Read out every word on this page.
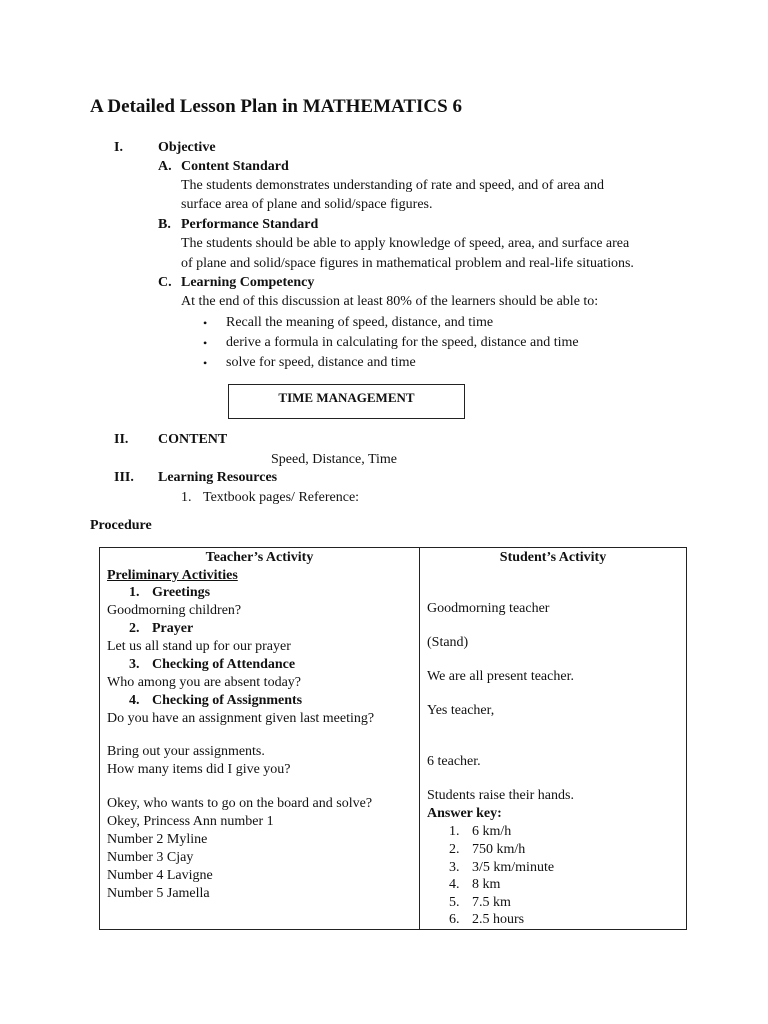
A Detailed Lesson Plan in MATHEMATICS 6
I.	Objective
A. Content Standard
The students demonstrates understanding of rate and speed, and of area and
surface area of plane and solid/space figures.
B. Performance Standard
The students should be able to apply knowledge of speed, area, and surface area
of plane and solid/space figures in mathematical problem and real-life situations.
C. Learning Competency
At the end of this discussion at least 80% of the learners should be able to:
• Recall the meaning of speed, distance, and time
• derive a formula in calculating for the speed, distance and time
• solve for speed, distance and time
TIME MANAGEMENT
II. CONTENT
Speed, Distance, Time
III. Learning Resources
1. Textbook pages/ Reference:
Procedure
Teacher’s Activity	Student’s Activity
Preliminary Activities
1. Greetings
Goodmorning children?
2. Prayer
Let us all stand up for our prayer
3. Checking of Attendance
Who among you are absent today?
4. Checking of Assignments
Do you have an assignment given last meeting?
Bring out your assignments.
How many items did I give you?
Okey, who wants to go on the board and solve?
Okey, Princess Ann number 1
Number 2 Myline
Number 3 Cjay
Number 4 Lavigne
Number 5 Jamella
Goodmorning teacher
(Stand)
We are all present teacher.
Yes teacher,
6 teacher.
Students raise their hands.
Answer key:
1. 6 km/h
2. 750 km/h
3. 3/5 km/minute
4. 8 km
5. 7.5 km
6. 2.5 hours
